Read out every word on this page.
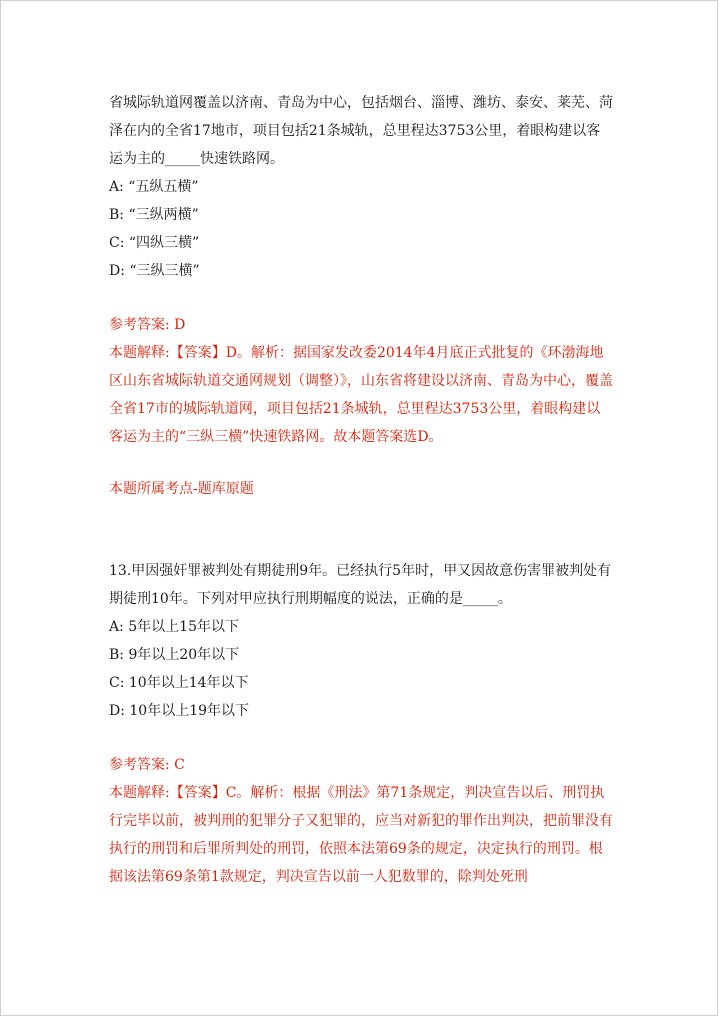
省城际轨道网覆盖以济南、青岛为中心，包括烟台、淄博、潍坊、泰安、莱芜、菏泽在内的全省17地市，项目包括21条城轨，总里程达3753公里，着眼构建以客运为主的_____快速铁路网。

A: “五纵五横”

B: “三纵两横”

C: “四纵三横”

D: “三纵三横”

参考答案: D

本题解释:【答案】D。解析：据国家发改委2014年4月底正式批复的《环渤海地区山东省城际轨道交通网规划（调整）》，山东省将建设以济南、青岛为中心，覆盖全省17市的城际轨道网，项目包括21条城轨，总里程达3753公里，着眼构建以客运为主的“三纵三横”快速铁路网。故本题答案选D。

本题所属考点-题库原题

13.甲因强奸罪被判处有期徒刑9年。已经执行5年时，甲又因故意伤害罪被判处有期徒刑10年。下列对甲应执行刑期幅度的说法，正确的是_____。

A: 5年以上15年以下

B: 9年以上20年以下

C: 10年以上14年以下

D: 10年以上19年以下

参考答案: C

本题解释:【答案】C。解析：根据《刑法》第71条规定，判决宣告以后、刑罚执行完毕以前，被判刑的犯罪分子又犯罪的，应当对新犯的罪作出判决，把前罪没有执行的刑罚和后罪所判处的刑罚，依照本法第69条的规定，决定执行的刑罚。根据该法第69条第1款规定，判决宣告以前一人犯数罪的，除判处死刑
